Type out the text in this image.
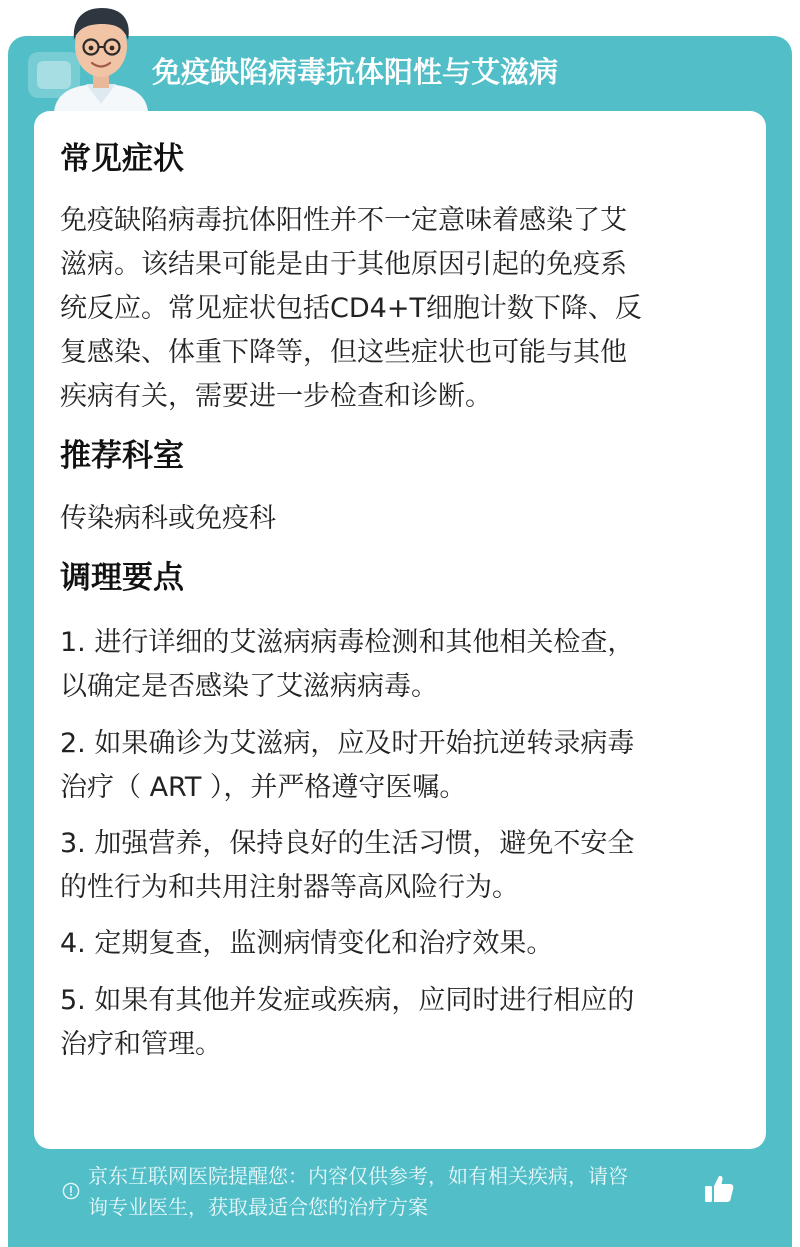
免疫缺陷病毒抗体阳性与艾滋病
常见症状
免疫缺陷病毒抗体阳性并不一定意味着感染了艾
滋病。该结果可能是由于其他原因引起的免疫系
统反应。常见症状包括CD4+T细胞计数下降、反
复感染、体重下降等，但这些症状也可能与其他
疾病有关，需要进一步检查和诊断。
推荐科室
传染病科或免疫科
调理要点
1. 进行详细的艾滋病病毒检测和其他相关检查，
以确定是否感染了艾滋病病毒。
2. 如果确诊为艾滋病，应及时开始抗逆转录病毒
治疗（ ART ），并严格遵守医嘱。
3. 加强营养，保持良好的生活习惯，避免不安全
的性行为和共用注射器等高风险行为。
4. 定期复查，监测病情变化和治疗效果。
5. 如果有其他并发症或疾病，应同时进行相应的
治疗和管理。
京东互联网医院提醒您：内容仅供参考，如有相关疾病，请咨
询专业医生，获取最适合您的治疗方案
